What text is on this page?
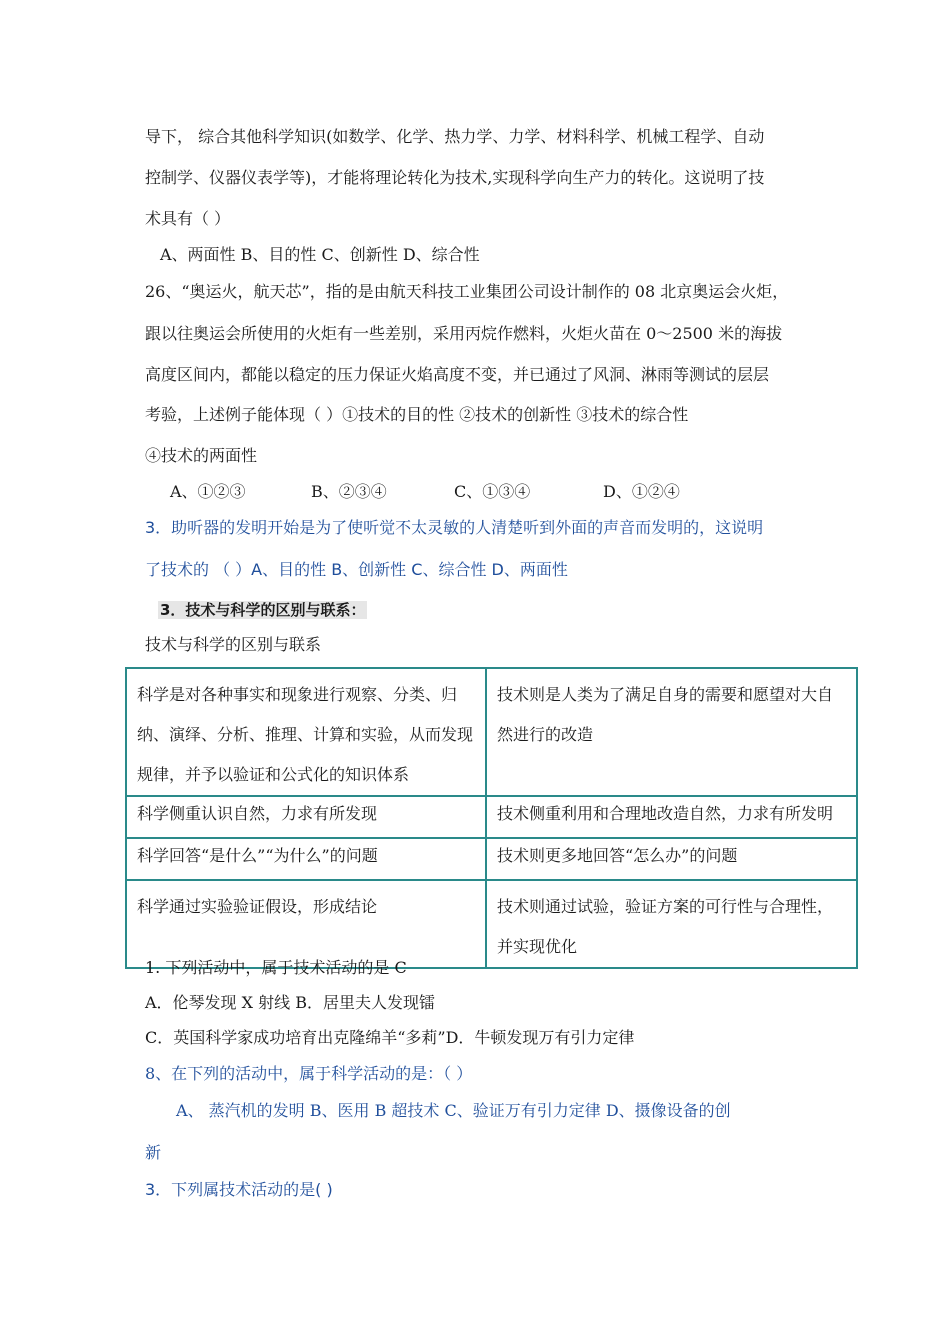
导下， 综合其他科学知识(如数学、化学、热力学、力学、材料科学、机械工程学、自动
控制学、仪器仪表学等)，才能将理论转化为技术,实现科学向生产力的转化。这说明了技
术具有（ ）
A、两面性 B、目的性 C、创新性 D、综合性
26、“奥运火，航天芯”，指的是由航天科技工业集团公司设计制作的 08 北京奥运会火炬，
跟以往奥运会所使用的火炬有一些差别，采用丙烷作燃料，火炬火苗在 0～2500 米的海拔
高度区间内，都能以稳定的压力保证火焰高度不变，并已通过了风洞、淋雨等测试的层层
考验，上述例子能体现（ ）①技术的目的性 ②技术的创新性 ③技术的综合性
④技术的两面性
A、①②③	B、②③④	C、①③④	D、①②④
3．助听器的发明开始是为了使听觉不太灵敏的人清楚听到外面的声音而发明的，这说明
了技术的 （ ）A、目的性 B、创新性 C、综合性 D、两面性
3．技术与科学的区别与联系：
技术与科学的区别与联系
科学是对各种事实和现象进行观察、分类、归纳、演绎、分析、推理、计算和实验，从而发现规律，并予以验证和公式化的知识体系	技术则是人类为了满足自身的需要和愿望对大自然进行的改造
科学侧重认识自然，力求有所发现	技术侧重利用和合理地改造自然，力求有所发明
科学回答“是什么”“为什么”的问题	技术则更多地回答“怎么办”的问题
科学通过实验验证假设，形成结论	技术则通过试验，验证方案的可行性与合理性，并实现优化
1. 下列活动中，属于技术活动的是 C
A．伦琴发现 X 射线 B．居里夫人发现镭
C．英国科学家成功培育出克隆绵羊“多莉”D．牛顿发现万有引力定律
8、在下列的活动中，属于科学活动的是：（ ）
A、 蒸汽机的发明 B、医用 B 超技术 C、验证万有引力定律 D、摄像设备的创
新
3．下列属技术活动的是( )
